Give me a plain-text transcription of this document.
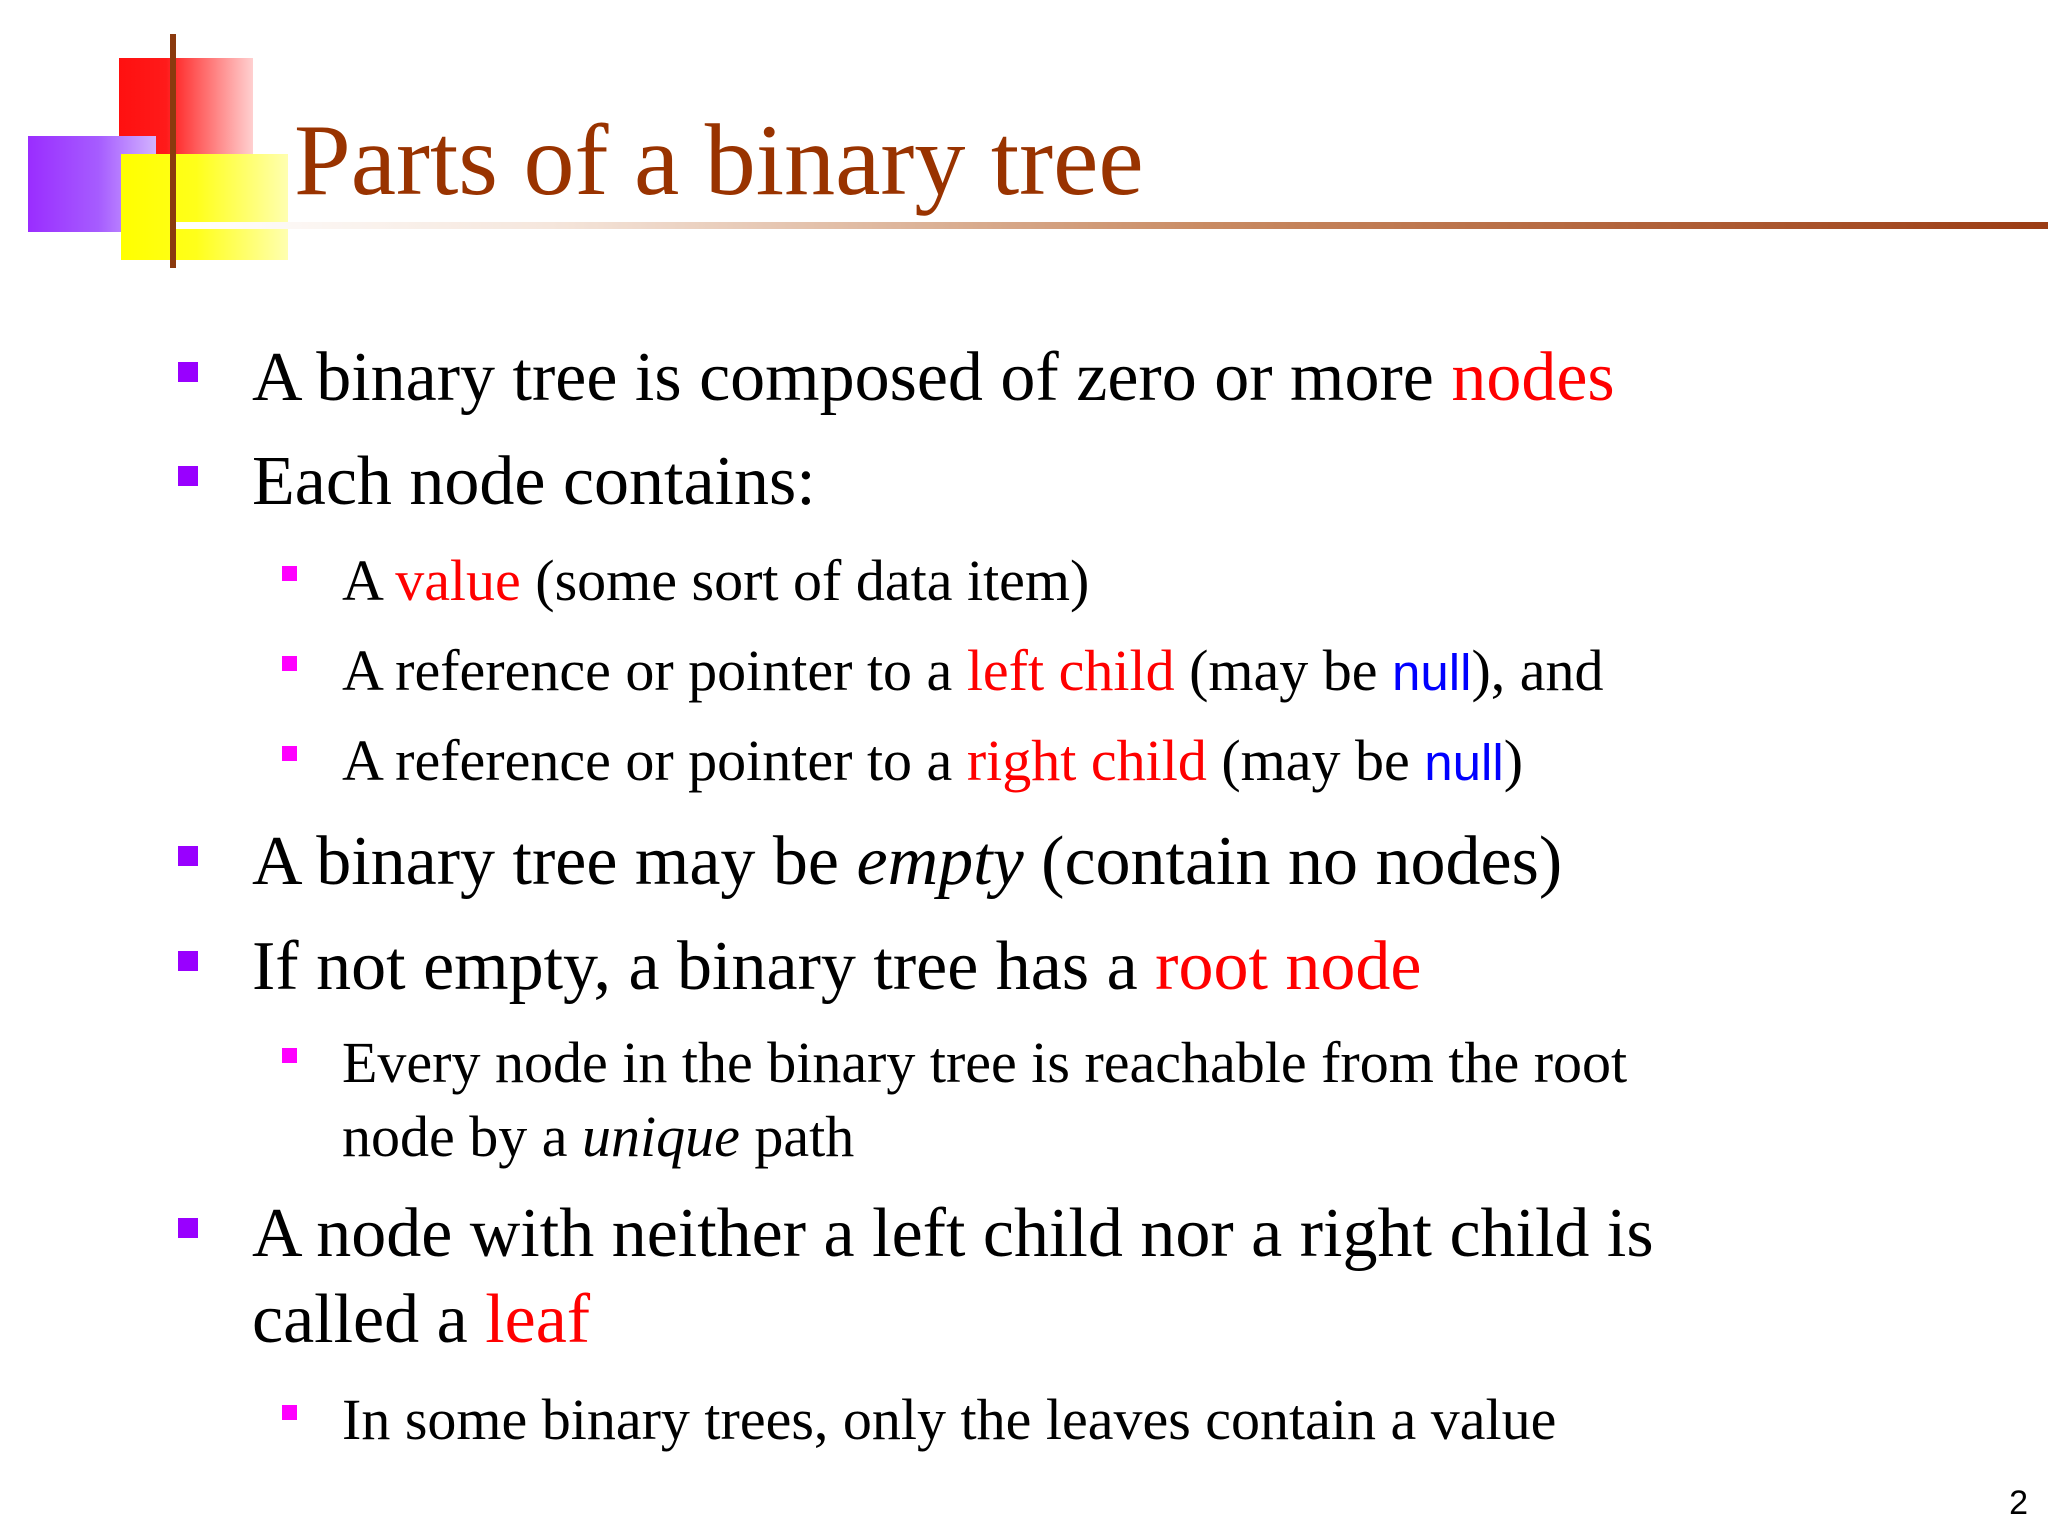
Parts of a binary tree

A binary tree is composed of zero or more nodes

Each node contains:

A value (some sort of data item)

A reference or pointer to a left child (may be null), and

A reference or pointer to a right child (may be null)

A binary tree may be empty (contain no nodes)

If not empty, a binary tree has a root node

Every node in the binary tree is reachable from the root
node by a unique path

A node with neither a left child nor a right child is
called a leaf

In some binary trees, only the leaves contain a value

2
